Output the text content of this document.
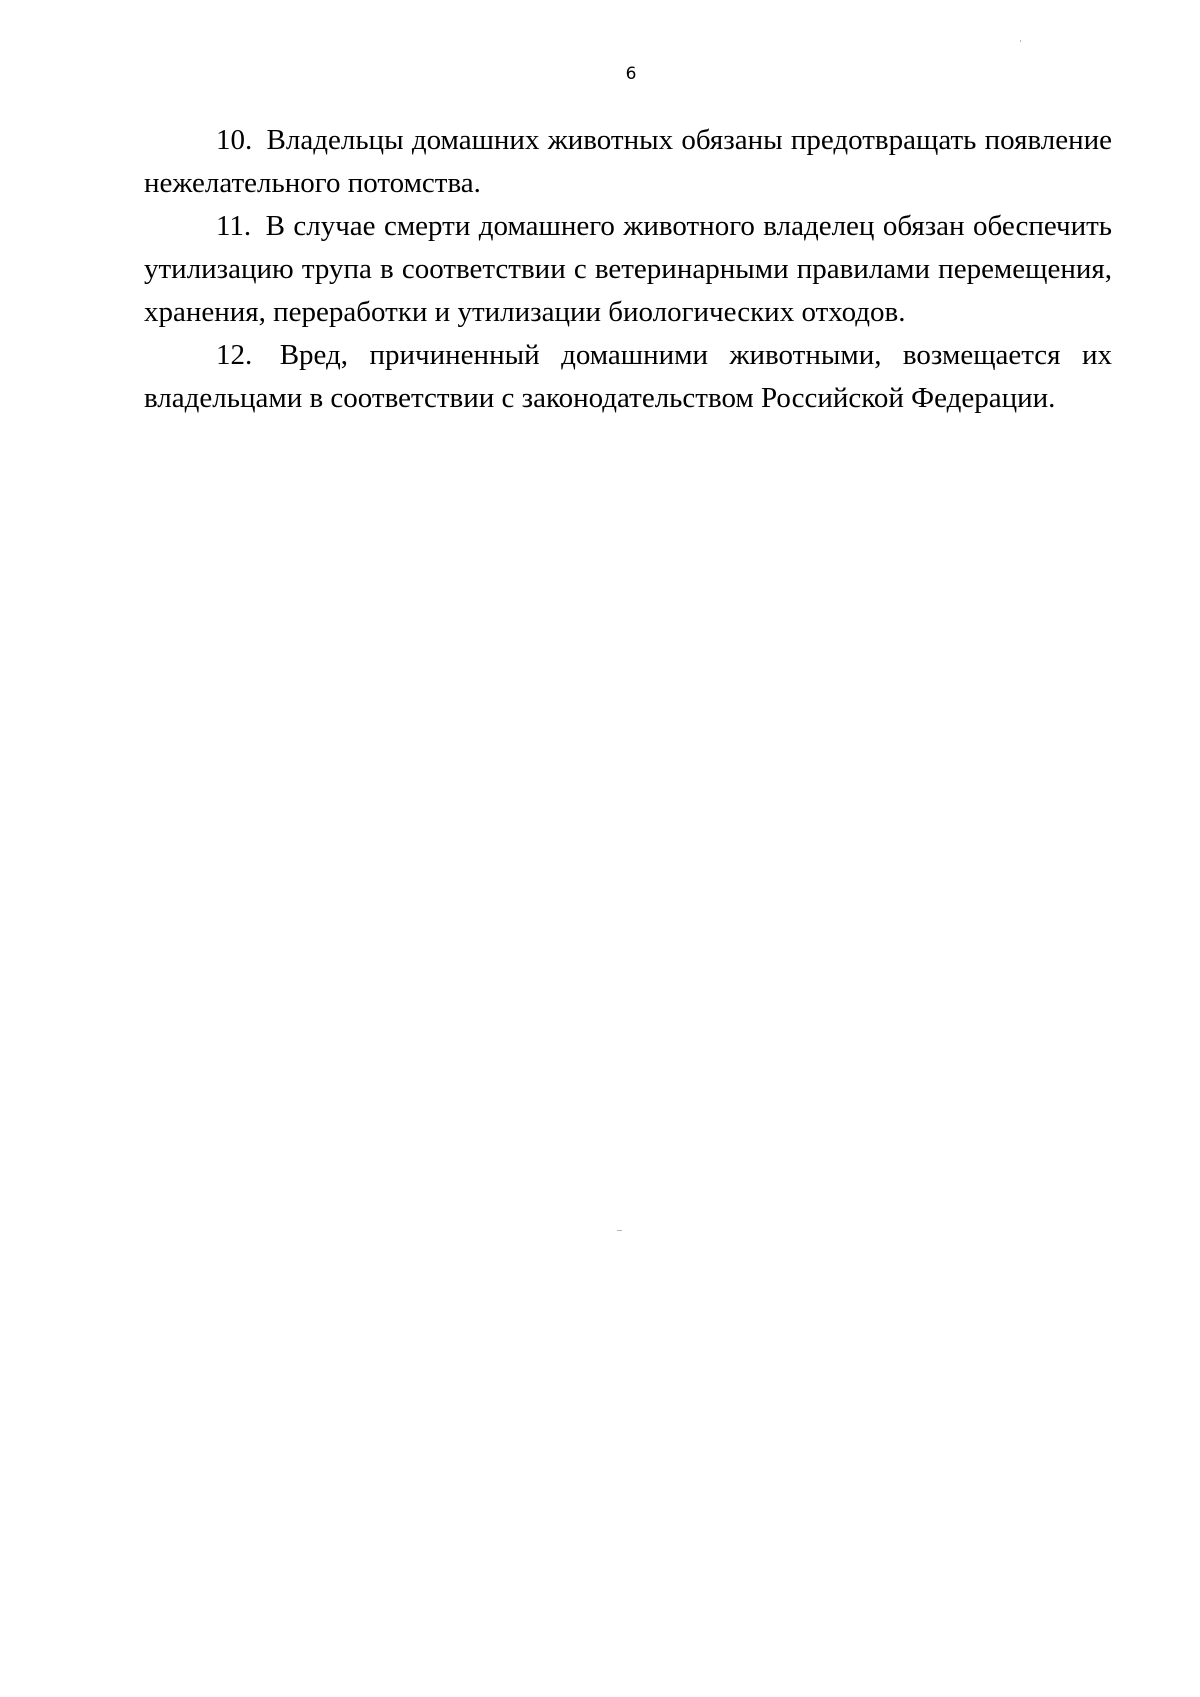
6

10. Владельцы домашних животных обязаны предотвращать появление нежелательного потомства.

11. В случае смерти домашнего животного владелец обязан обеспечить утилизацию трупа в соответствии с ветеринарными правилами перемещения, хранения, переработки и утилизации биологических отходов.

12. Вред, причиненный домашними животными, возмещается их владельцами в соответствии с законодательством Российской Федерации.
